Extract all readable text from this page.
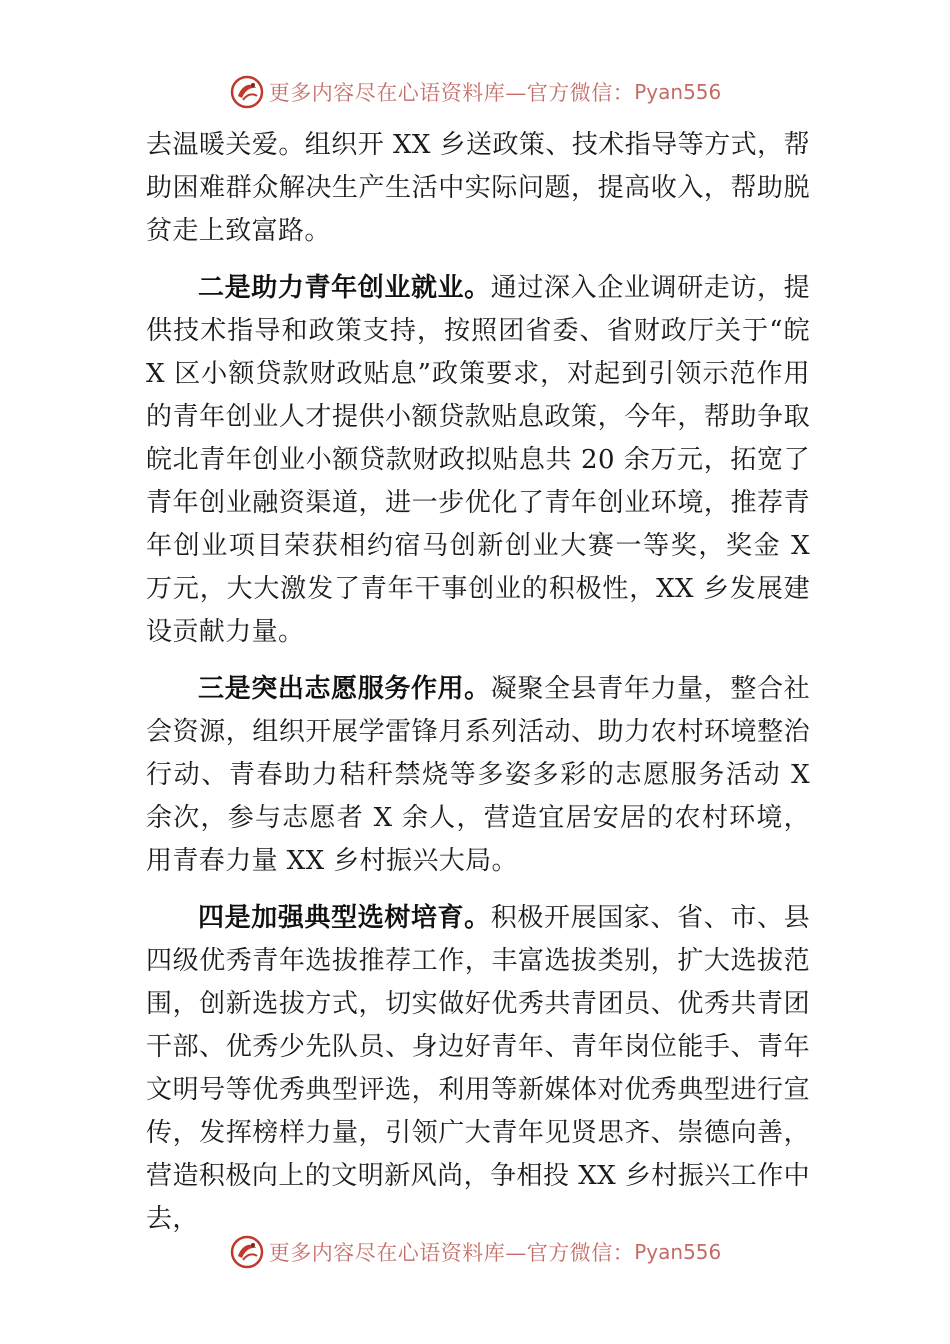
更多内容尽在心语资料库—官方微信： Pyan556

去温暖关爱。组织开 XX 乡送政策、技术指导等方式，帮助困难群众解决生产生活中实际问题，提高收入，帮助脱贫走上致富路。

二是助力青年创业就业。通过深入企业调研走访，提供技术指导和政策支持，按照团省委、省财政厅关于“皖 X 区小额贷款财政贴息”政策要求，对起到引领示范作用的青年创业人才提供小额贷款贴息政策，今年，帮助争取皖北青年创业小额贷款财政拟贴息共 20 余万元，拓宽了青年创业融资渠道，进一步优化了青年创业环境，推荐青年创业项目荣获相约宿马创新创业大赛一等奖，奖金 X 万元，大大激发了青年干事创业的积极性，XX 乡发展建设贡献力量。

三是突出志愿服务作用。凝聚全县青年力量，整合社会资源，组织开展学雷锋月系列活动、助力农村环境整治行动、青春助力秸秆禁烧等多姿多彩的志愿服务活动 X 余次，参与志愿者 X 余人，营造宜居安居的农村环境，用青春力量 XX 乡村振兴大局。

四是加强典型选树培育。积极开展国家、省、市、县四级优秀青年选拔推荐工作，丰富选拔类别，扩大选拔范围，创新选拔方式，切实做好优秀共青团员、优秀共青团干部、优秀少先队员、身边好青年、青年岗位能手、青年文明号等优秀典型评选，利用等新媒体对优秀典型进行宣传，发挥榜样力量，引领广大青年见贤思齐、崇德向善，营造积极向上的文明新风尚，争相投 XX 乡村振兴工作中去，

更多内容尽在心语资料库—官方微信： Pyan556
